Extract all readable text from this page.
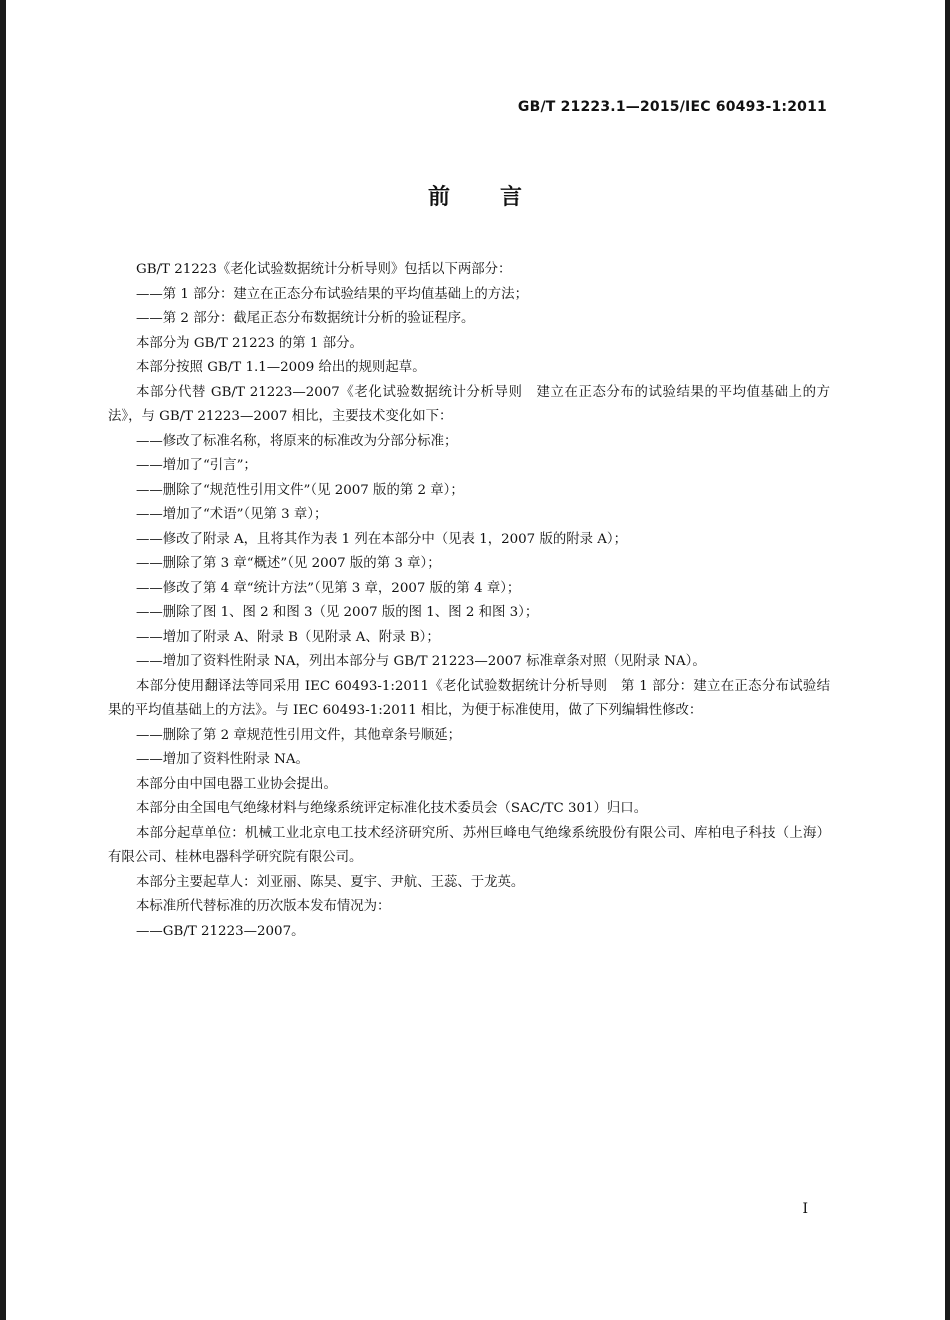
GB/T 21223.1—2015/IEC 60493-1:2011
前言

GB/T 21223《老化试验数据统计分析导则》包括以下两部分：

——第 1 部分：建立在正态分布试验结果的平均值基础上的方法；

——第 2 部分：截尾正态分布数据统计分析的验证程序。

本部分为 GB/T 21223 的第 1 部分。

本部分按照 GB/T 1.1—2009 给出的规则起草。

本部分代替 GB/T 21223—2007《老化试验数据统计分析导则　建立在正态分布的试验结果的平均值基础上的方法》，与 GB/T 21223—2007 相比，主要技术变化如下：

——修改了标准名称，将原来的标准改为分部分标准；

——增加了“引言”；

——删除了“规范性引用文件”（见 2007 版的第 2 章）；

——增加了“术语”（见第 3 章）；

——修改了附录 A，且将其作为表 1 列在本部分中（见表 1，2007 版的附录 A）；

——删除了第 3 章“概述”（见 2007 版的第 3 章）；

——修改了第 4 章“统计方法”（见第 3 章，2007 版的第 4 章）；

——删除了图 1、图 2 和图 3（见 2007 版的图 1、图 2 和图 3）；

——增加了附录 A、附录 B（见附录 A、附录 B）；

——增加了资料性附录 NA，列出本部分与 GB/T 21223—2007 标准章条对照（见附录 NA）。

本部分使用翻译法等同采用 IEC 60493-1:2011《老化试验数据统计分析导则　第 1 部分：建立在正态分布试验结果的平均值基础上的方法》。与 IEC 60493-1:2011 相比，为便于标准使用，做了下列编辑性修改：

——删除了第 2 章规范性引用文件，其他章条号顺延；

——增加了资料性附录 NA。

本部分由中国电器工业协会提出。

本部分由全国电气绝缘材料与绝缘系统评定标准化技术委员会（SAC/TC 301）归口。

本部分起草单位：机械工业北京电工技术经济研究所、苏州巨峰电气绝缘系统股份有限公司、库柏电子科技（上海）有限公司、桂林电器科学研究院有限公司。

本部分主要起草人：刘亚丽、陈昊、夏宇、尹航、王蕊、于龙英。

本标准所代替标准的历次版本发布情况为：

——GB/T 21223—2007。

I
